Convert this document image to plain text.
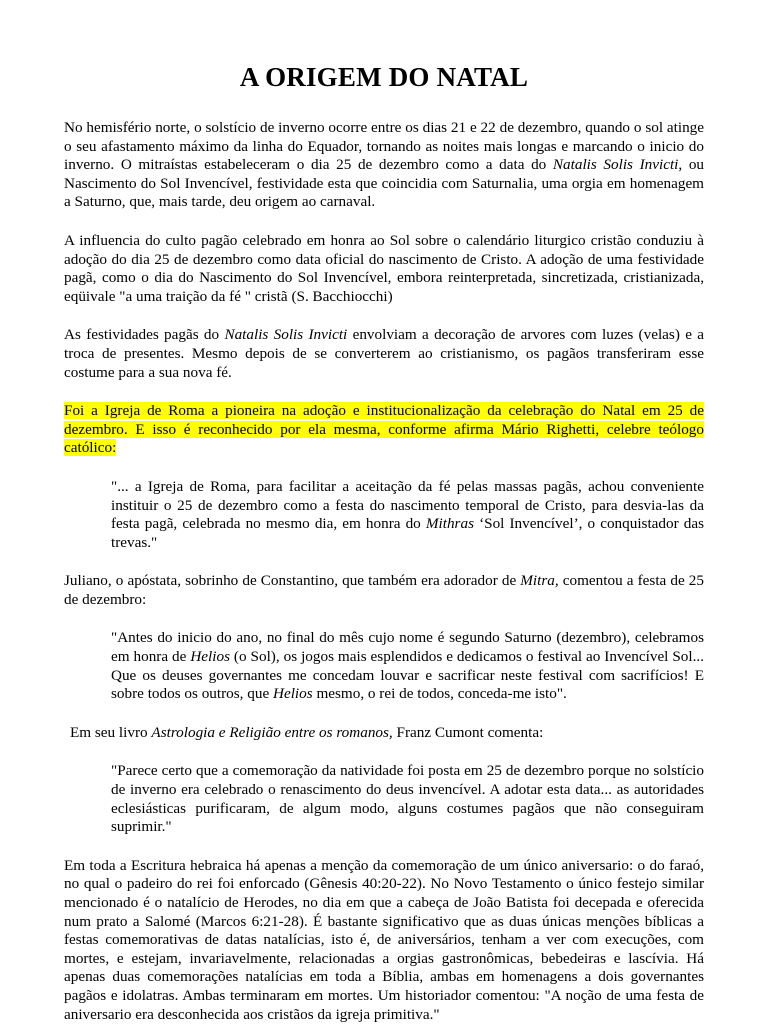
A ORIGEM DO NATAL

No hemisfério norte, o solstício de inverno ocorre entre os dias 21 e 22 de dezembro, quando o sol atinge o seu afastamento máximo da linha do Equador, tornando as noites mais longas e marcando o inicio do inverno. O mitraístas estabeleceram o dia 25 de dezembro como a data do Natalis Solis Invicti, ou Nascimento do Sol Invencível, festividade esta que coincidia com Saturnalia, uma orgia em homenagem a Saturno, que, mais tarde, deu origem ao carnaval.

A influencia do culto pagão celebrado em honra ao Sol sobre o calendário liturgico cristão conduziu à adoção do dia 25 de dezembro como data oficial do nascimento de Cristo. A adoção de uma festividade pagã, como o dia do Nascimento do Sol Invencível, embora reinterpretada, sincretizada, cristianizada, eqüivale "a uma traição da fé " cristã (S. Bacchiocchi)

As festividades pagãs do Natalis Solis Invicti envolviam a decoração de arvores com luzes (velas) e a troca de presentes. Mesmo depois de se converterem ao cristianismo, os pagãos transferiram esse costume para a sua nova fé.

Foi a Igreja de Roma a pioneira na adoção e institucionalização da celebração do Natal em 25 de dezembro. E isso é reconhecido por ela mesma, conforme afirma Mário Righetti, celebre teólogo católico:

"... a Igreja de Roma, para facilitar a aceitação da fé pelas massas pagãs, achou conveniente instituir o 25 de dezembro como a festa do nascimento temporal de Cristo, para desvia-las da festa pagã, celebrada no mesmo dia, em honra do Mithras ‘Sol Invencível’, o conquistador das trevas."

Juliano, o apóstata, sobrinho de Constantino, que também era adorador de Mitra, comentou a festa de 25 de dezembro:

"Antes do inicio do ano, no final do mês cujo nome é segundo Saturno (dezembro), celebramos em honra de Helios (o Sol), os jogos mais esplendidos e dedicamos o festival ao Invencível Sol... Que os deuses governantes me concedam louvar e sacrificar neste festival com sacrifícios! E sobre todos os outros, que Helios mesmo, o rei de todos, conceda-me isto".

Em seu livro Astrologia e Religião entre os romanos, Franz Cumont comenta:

"Parece certo que a comemoração da natividade foi posta em 25 de dezembro porque no solstício de inverno era celebrado o renascimento do deus invencível. A adotar esta data... as autoridades eclesiásticas purificaram, de algum modo, alguns costumes pagãos que não conseguiram suprimir."

Em toda a Escritura hebraica há apenas a menção da comemoração de um único aniversario: o do faraó, no qual o padeiro do rei foi enforcado (Gênesis 40:20-22). No Novo Testamento o único festejo similar mencionado é o natalício de Herodes, no dia em que a cabeça de João Batista foi decepada e oferecida num prato a Salomé (Marcos 6:21-28). É bastante significativo que as duas únicas menções bíblicas a festas comemorativas de datas natalícias, isto é, de aniversários, tenham a ver com execuções, com mortes, e estejam, invariavelmente, relacionadas a orgias gastronômicas, bebedeiras e lascívia. Há apenas duas comemorações natalícias em toda a Bíblia, ambas em homenagens a dois governantes pagãos e idolatras. Ambas terminaram em mortes. Um historiador comentou: "A noção de uma festa de aniversario era desconhecida aos cristãos da igreja primitiva."
